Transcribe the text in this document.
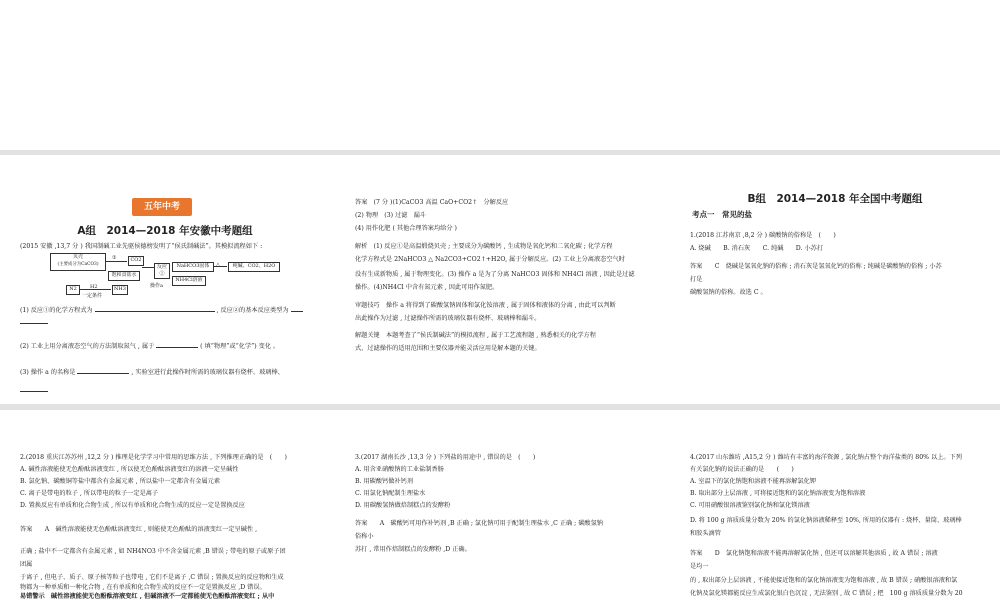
五年中考
A组　2014—2018 年安徽中考题组

(2015 安徽 ,13,7 分 ) 我国制碱工业先驱侯德榜发明了“侯氏制碱法”。其模拟流程如下 :

贝壳
(主要成分为CaCO3)
①	CO2
饱和食盐水
反应②
NaHCO3固体	△	纯碱、CO2、H2O
操作a
NH4Cl溶液
N2	H2
一定条件
NH3

(1) 反应①的化学方程式为	, 反应②的基本反应类型为

(2) 工业上用分离液态空气的方法制取氮气 , 属于	( 填“物理”或“化学”) 变化 。

(3) 操作 a 的名称是	, 实验室进行此操作时所需的玻璃仪器有烧杯、玻璃棒、

答案　(7 分 )(1)CaCO3 高温 CaO+CO2↑　分解反应

(2) 物理　(3) 过滤　漏斗

(4) 用作化肥 ( 其他合理答案均给分 )

解析　(1) 反应①是高温煅烧贝壳 ; 主要成分为碳酸钙 , 生成物是氧化钙和二氧化碳 ; 化学方程

化学方程式是 2NaHCO3 △ Na2CO3+CO2↑+H2O, 属于分解反应。(2) 工业上分离液态空气时

没有生成新物质 , 属于物理变化。(3) 操作 a 是为了分离 NaHCO3 固体和 NH4Cl 溶液 , 因此是过滤

操作。(4)NH4Cl 中含有氮元素 , 因此可用作氮肥。

审题技巧　操作 a 将得到了碳酸氢钠固体和氯化铵溶液 , 属于固体和液体的分离 , 由此可以判断

出此操作为过滤 , 过滤操作所需的玻璃仪器有烧杯、玻璃棒和漏斗。

解题关键　本题考查了“侯氏制碱法”的模拟流程 , 属于工艺流程题 , 熟悉相关的化学方程

式、过滤操作的适用范围和主要仪器并能灵活应用是解本题的关键。

B组　2014—2018 年全国中考题组
考点一　常见的盐

1.(2018 江苏南京 ,8,2 分 ) 碳酸钠的俗称是　(　　)

A. 烧碱　　B. 消石灰　　C. 纯碱　　D. 小苏打

答案　　C　烧碱是氢氧化钠的俗称 ; 消石灰是氢氧化钙的俗称 ; 纯碱是碳酸钠的俗称 ; 小苏

打是

碳酸氢钠的俗称。故选 C 。

2.(2018 重庆江苏苏州 ,12,2 分 ) 推理是化学学习中常用的思维方法 , 下列推理正确的是　(　　)

A. 碱性溶液能使无色酚酞溶液变红 , 所以使无色酚酞溶液变红的溶液一定呈碱性

B. 氯化钠、碳酸铜等盐中都含有金属元素 , 所以盐中一定都含有金属元素

C. 离子是带电的粒子 , 所以带电的粒子一定是离子

D. 置换反应有单质和化合物生成 , 所以有单质和化合物生成的反应一定是置换反应

答案　　A　碱性溶液能使无色酚酞溶液变红 , 则能使无色酚酞的溶液变红一定呈碱性 ,

正确 ; 盐中不一定都含有金属元素 , 如 NH4NO3 中不含金属元素 ,B 错误 ; 带电的原子或原子团

团属

于离子 , 但电子、质子、原子核等粒子也带电 , 它们不是离子 ,C 错误 ; 置换反应的反应物和生成

物都为一种单质和一种化合物 , 在有单质和化合物生成的反应不一定是置换反应 ,D 错误。

易错警示　碱性溶液能使无色酚酞溶液变红 , 但碱溶液不一定都能使无色酚酞溶液变红 ; 从中

3.(2017 湖南长沙 ,13,3 分 ) 下列盐的用途中 , 错误的是　(　　)

A. 用含亚硝酸钠的工业盐制香肠

B. 用碳酸钙做补钙剂

C. 用氯化钠配制生理盐水

D. 用碳酸氢钠做焙制糕点的发酵粉

答案　　A　碳酸钙可用作补钙剂 ,B 正确 ; 氯化钠可用于配制生理盐水 ,C 正确 ; 碳酸氢钠

俗称小

苏打 , 常用作焙制糕点的发酵粉 ,D 正确。

4.(2017 山东潍坊 ,A15,2 分 ) 潍坊有丰富的海洋资源 , 氯化钠占整个海洋盐类的 80% 以上。下列

有关氯化钠的说法正确的是　　(　　)

A. 室温下的氯化钠饱和溶液不能再溶解氯化钾

B. 取出部分上层溶液 , 可将接近饱和的氯化钠溶液变为饱和溶液

C. 可用硝酸银溶液鉴别氯化钠和氯化镁溶液

D. 将 100 g 溶质质量分数为 20% 的氯化钠溶液稀释至 10%, 所用的仪器有 : 烧杯、量筒、玻璃棒

和胶头滴管

答案　　D　氯化钠饱和溶液不能再溶解氯化钠 , 但还可以溶解其他溶质 , 故 A 错误 ; 溶液

是均一

的 , 取出部分上层溶液 , 不能使接近饱和的氯化钠溶液变为饱和溶液 , 故 B 错误 ; 硝酸银溶液和氯

化钠及氯化镁都能反应生成氯化银白色沉淀 , 无法鉴别 , 故 C 错误 ; 把　100 g 溶质质量分数为 20
